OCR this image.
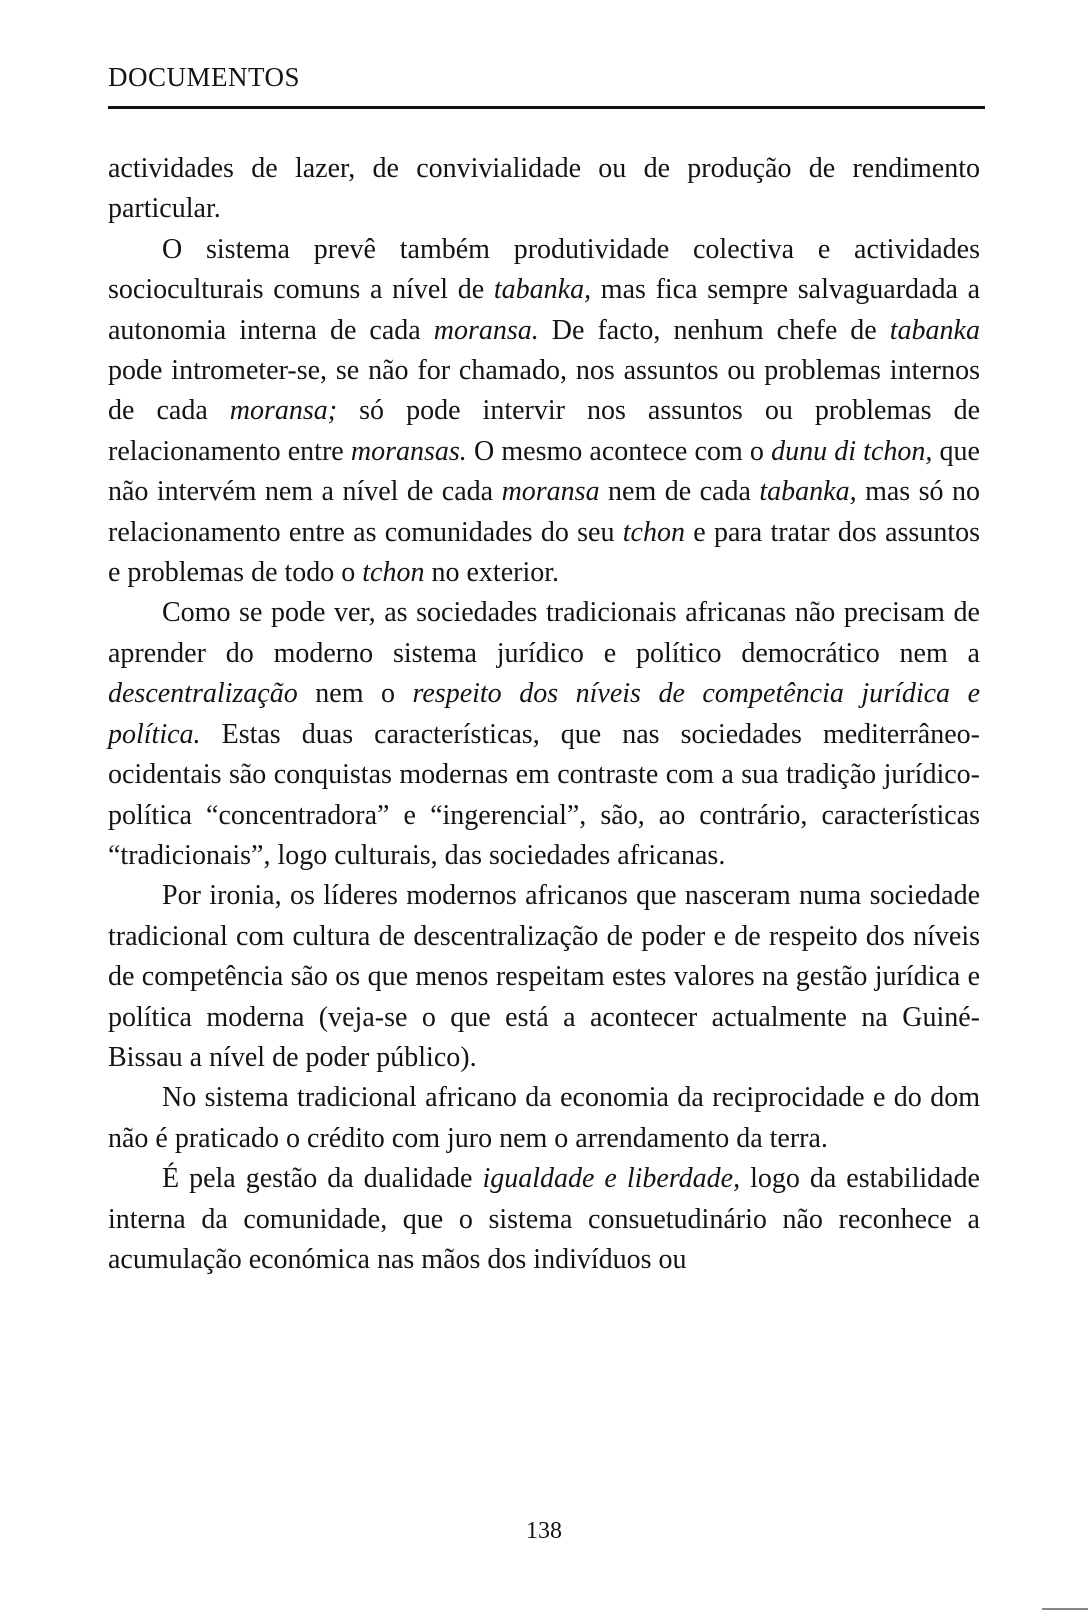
DOCUMENTOS

actividades de lazer, de convivialidade ou de produção de rendimento particular.

O sistema prevê também produtividade colectiva e actividades socioculturais comuns a nível de tabanka, mas fica sempre salvaguardada a autonomia interna de cada moransa. De facto, nenhum chefe de tabanka pode intrometer-se, se não for chamado, nos assuntos ou problemas internos de cada moransa; só pode intervir nos assuntos ou problemas de relacionamento entre moransas. O mesmo acontece com o dunu di tchon, que não intervém nem a nível de cada moransa nem de cada tabanka, mas só no relacionamento entre as comunidades do seu tchon e para tratar dos assuntos e problemas de todo o tchon no exterior.

Como se pode ver, as sociedades tradicionais africanas não precisam de aprender do moderno sistema jurídico e político democrático nem a descentralização nem o respeito dos níveis de competência jurídica e política. Estas duas características, que nas sociedades mediterrâneo-ocidentais são conquistas modernas em contraste com a sua tradição jurídico-política “concentradora” e “ingerencial”, são, ao contrário, características “tradicionais”, logo culturais, das sociedades africanas.

Por ironia, os líderes modernos africanos que nasceram numa sociedade tradicional com cultura de descentralização de poder e de respeito dos níveis de competência são os que menos respeitam estes valores na gestão jurídica e política moderna (veja-se o que está a acontecer actualmente na Guiné-Bissau a nível de poder público).

No sistema tradicional africano da economia da reciprocidade e do dom não é praticado o crédito com juro nem o arrendamento da terra.

É pela gestão da dualidade igualdade e liberdade, logo da estabilidade interna da comunidade, que o sistema consuetudinário não reconhece a acumulação económica nas mãos dos indivíduos ou

138
